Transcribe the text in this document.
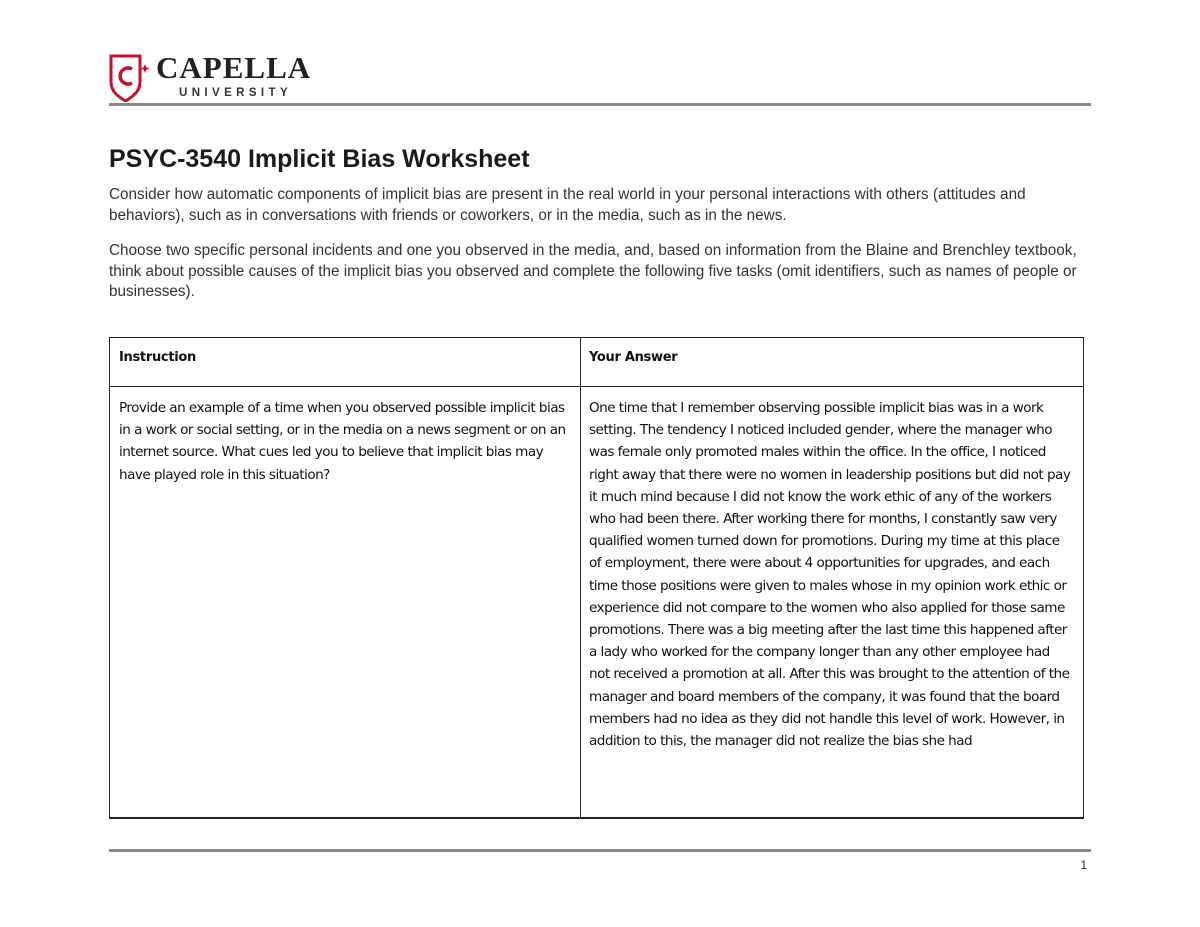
CAPELLA
UNIVERSITY
PSYC-3540 Implicit Bias Worksheet

Consider how automatic components of implicit bias are present in the real world in your personal interactions with others (attitudes and behaviors), such as in conversations with friends or coworkers, or in the media, such as in the news.

Choose two specific personal incidents and one you observed in the media, and, based on information from the Blaine and Brenchley textbook, think about possible causes of the implicit bias you observed and complete the following five tasks (omit identifiers, such as names of people or businesses).

Instruction	Your Answer
Provide an example of a time when you observed possible implicit bias in a work or social setting, or in the media on a news segment or on an internet source. What cues led you to believe that implicit bias may have played role in this situation?
One time that I remember observing possible implicit bias was in a work setting. The tendency I noticed included gender, where the manager who was female only promoted males within the office. In the office, I noticed right away that there were no women in leadership positions but did not pay it much mind because I did not know the work ethic of any of the workers who had been there. After working there for months, I constantly saw very qualified women turned down for promotions. During my time at this place of employment, there were about 4 opportunities for upgrades, and each time those positions were given to males whose in my opinion work ethic or experience did not compare to the women who also applied for those same promotions. There was a big meeting after the last time this happened after a lady who worked for the company longer than any other employee had not received a promotion at all. After this was brought to the attention of the manager and board members of the company, it was found that the board members had no idea as they did not handle this level of work. However, in addition to this, the manager did not realize the bias she had
1
